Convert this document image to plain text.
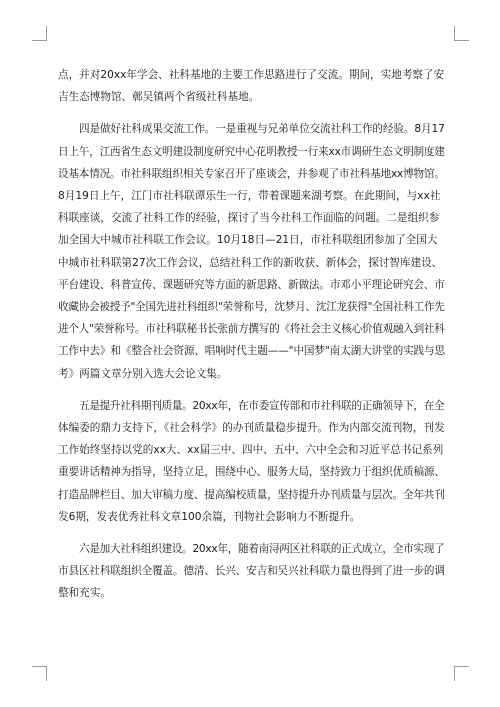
点，并对20xx年学会、社科基地的主要工作思路进行了交流。期间，实地考察了安
吉生态博物馆、鄣吴镇两个省级社科基地。
四是做好社科成果交流工作。一是重视与兄弟单位交流社科工作的经验。8月17
日上午，江西省生态文明建设制度研究中心花明教授一行来xx市调研生态文明制度建
设基本情况。市社科联组织相关专家召开了座谈会，并参观了市社科基地xx博物馆。
8月19日上午，江门市社科联谭乐生一行，带着课题来湖考察。在此期间，与xx社
科联座谈，交流了社科工作的经验，探讨了当今社科工作面临的问题。二是组织参
加全国大中城市社科联工作会议。10月18日—21日，市社科联组团参加了全国大
中城市社科联第27次工作会议，总结社科工作的新收获、新体会，探讨智库建设、
平台建设、科普宣传、课题研究等方面的新思路、新做法。市邓小平理论研究会、市
收藏协会被授予"全国先进社科组织"荣誉称号，沈梦月、沈江龙获得"全国社科工作先
进个人"荣誉称号。市社科联秘书长张前方撰写的《将社会主义核心价值观融入到社科
工作中去》和《整合社会资源、唱响时代主题——"中国梦"南太湖大讲堂的实践与思
考》两篇文章分别入选大会论文集。
五是提升社科期刊质量。20xx年，在市委宣传部和市社科联的正确领导下，在全
体编委的鼎力支持下，《社会科学》的办刊质量稳步提升。作为内部交流刊物，刊发
工作始终坚持以党的xx大、xx届三中、四中、五中、六中全会和习近平总书记系列
重要讲话精神为指导，坚持立足，围绕中心、服务大局，坚持致力于组织优质稿源、
打造品牌栏目、加大审稿力度、提高编校质量，坚持提升办刊质量与层次。全年共刊
发6期，发表优秀社科文章100余篇，刊物社会影响力不断提升。
六是加大社科组织建设。20xx年，随着南浔两区社科联的正式成立，全市实现了
市县区社科联组织全覆盖。德清、长兴、安吉和吴兴社科联力量也得到了进一步的调
整和充实。
